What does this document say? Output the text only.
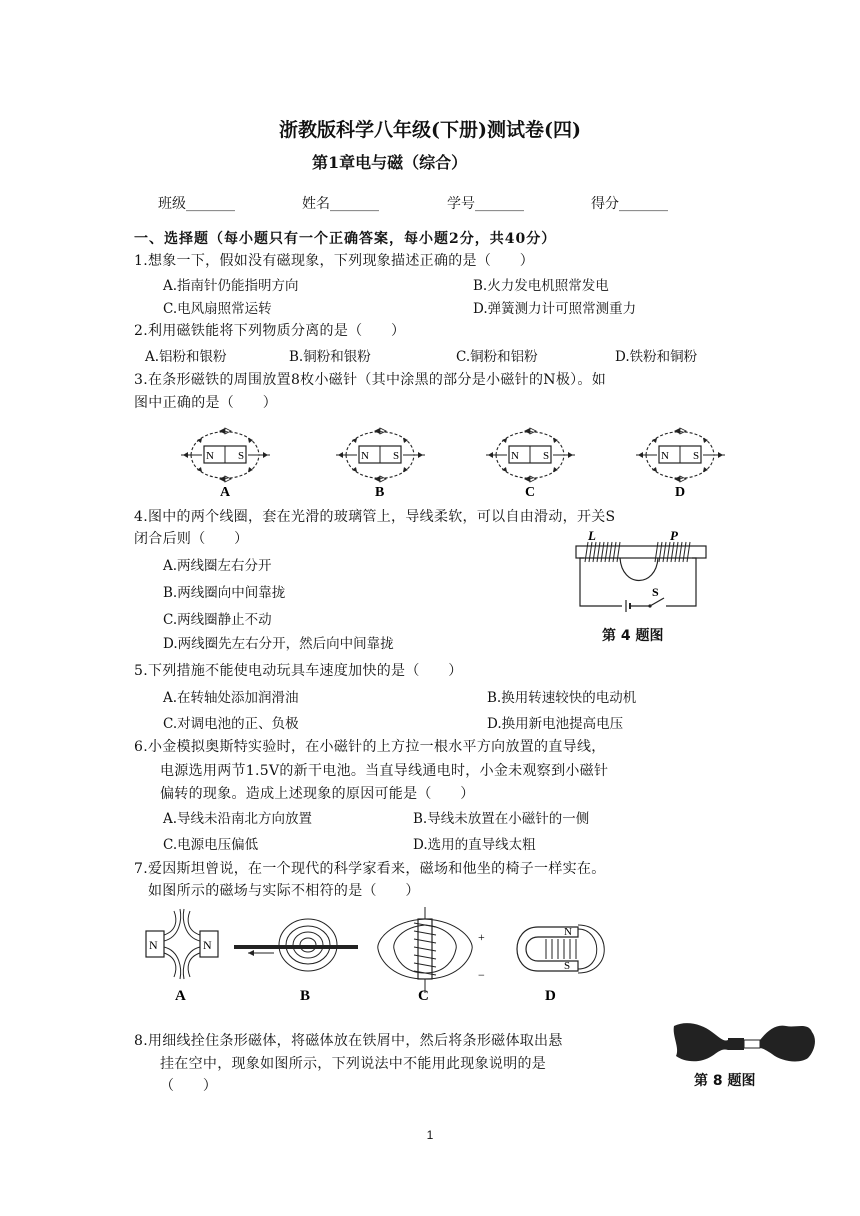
浙教版科学八年级(下册)测试卷(四)
第1章电与磁（综合）
班级_______	姓名_______	学号_______	得分_______
一、选择题（每小题只有一个正确答案，每小题2分，共40分）
1.想象一下，假如没有磁现象，下列现象描述正确的是（　　）
A.指南针仍能指明方向	B.火力发电机照常发电
C.电风扇照常运转	D.弹簧测力计可照常测重力
2.利用磁铁能将下列物质分离的是（　　）
A.铝粉和银粉	B.铜粉和银粉	C.铜粉和铝粉	D.铁粉和铜粉
3.在条形磁铁的周围放置8枚小磁针（其中涂黑的部分是小磁针的N极）。如
图中正确的是（　　）
N S
A
N S
B
N S
C
N S
D
4.图中的两个线圈，套在光滑的玻璃管上，导线柔软，可以自由滑动，开关S
闭合后则（　　）
A.两线圈左右分开
B.两线圈向中间靠拢
C.两线圈静止不动
D.两线圈先左右分开，然后向中间靠拢
L	P
S
第 4 题图
5.下列措施不能使电动玩具车速度加快的是（　　）
A.在转轴处添加润滑油	B.换用转速较快的电动机
C.对调电池的正、负极	D.换用新电池提高电压
6.小金模拟奥斯特实验时，在小磁针的上方拉一根水平方向放置的直导线，
电源选用两节1.5V的新干电池。当直导线通电时，小金未观察到小磁针
偏转的现象。造成上述现象的原因可能是（　　）
A.导线未沿南北方向放置	B.导线未放置在小磁针的一侧
C.电源电压偏低	D.选用的直导线太粗
7.爱因斯坦曾说，在一个现代的科学家看来，磁场和他坐的椅子一样实在。
如图所示的磁场与实际不相符的是（　　）
N	N
A	B
+
−
C
N
S
D
8.用细线拴住条形磁体，将磁体放在铁屑中，然后将条形磁体取出悬
挂在空中，现象如图所示，下列说法中不能用此现象说明的是
（　　）	第 8 题图
1
